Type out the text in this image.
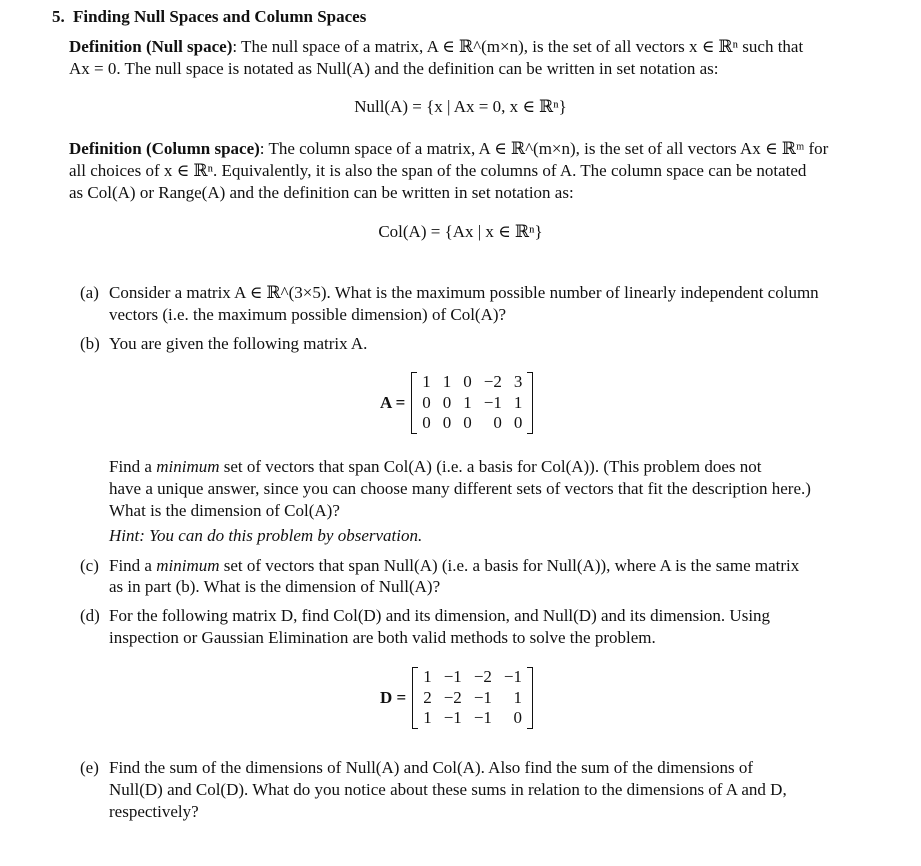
5. Finding Null Spaces and Column Spaces
Definition (Null space): The null space of a matrix, A ∈ ℝ^(m×n), is the set of all vectors x ∈ ℝⁿ such that
Ax = 0. The null space is notated as Null(A) and the definition can be written in set notation as:
Null(A) = {x | Ax = 0, x ∈ ℝⁿ}
Definition (Column space): The column space of a matrix, A ∈ ℝ^(m×n), is the set of all vectors Ax ∈ ℝᵐ for
all choices of x ∈ ℝⁿ. Equivalently, it is also the span of the columns of A. The column space can be notated
as Col(A) or Range(A) and the definition can be written in set notation as:
Col(A) = {Ax | x ∈ ℝⁿ}
(a) Consider a matrix A ∈ ℝ^(3×5). What is the maximum possible number of linearly independent column
vectors (i.e. the maximum possible dimension) of Col(A)?
(b) You are given the following matrix A.
A =
1	1	0	−2	3
0	0	1	−1	1
0	0	0	0	0
Find a minimum set of vectors that span Col(A) (i.e. a basis for Col(A)). (This problem does not
have a unique answer, since you can choose many different sets of vectors that fit the description here.)
What is the dimension of Col(A)?
Hint: You can do this problem by observation.
(c) Find a minimum set of vectors that span Null(A) (i.e. a basis for Null(A)), where A is the same matrix
as in part (b). What is the dimension of Null(A)?
(d) For the following matrix D, find Col(D) and its dimension, and Null(D) and its dimension. Using
inspection or Gaussian Elimination are both valid methods to solve the problem.
D =
1	−1	−2	−1
2	−2	−1	1
1	−1	−1	0
(e) Find the sum of the dimensions of Null(A) and Col(A). Also find the sum of the dimensions of
Null(D) and Col(D). What do you notice about these sums in relation to the dimensions of A and D,
respectively?
